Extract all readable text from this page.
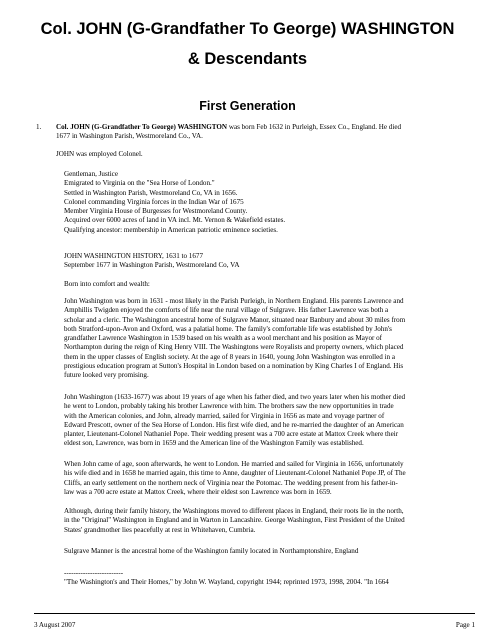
Col. JOHN (G-Grandfather To George) WASHINGTON
& Descendants
First Generation
1. Col. JOHN (G-Grandfather To George) WASHINGTON was born Feb 1632 in Purleigh, Essex Co., England. He died
1677 in Washington Parish, Westmoreland Co., VA.
JOHN was employed Colonel.
Gentleman, Justice
Emigrated to Virginia on the "Sea Horse of London."
Settled in Washington Parish, Westmoreland Co, VA in 1656.
Colonel commanding Virginia forces in the Indian War of 1675
Member Virginia House of Burgesses for Westmoreland County.
Acquired over 6000 acres of land in VA incl. Mt. Vernon & Wakefield estates.
Qualifying ancestor: membership in American patriotic eminence societies.
JOHN WASHINGTON HISTORY, 1631 to 1677
September 1677 in Washington Parish, Westmoreland Co, VA
Born into comfort and wealth:
John Washington was born in 1631 - most likely in the Parish Purleigh, in Northern England. His parents Lawrence and
Amphillis Twigden enjoyed the comforts of life near the rural village of Sulgrave. His father Lawrence was both a
scholar and a cleric. The Washington ancestral home of Sulgrave Manor, situated near Banbury and about 30 miles from
both Stratford-upon-Avon and Oxford, was a palatial home. The family's comfortable life was established by John's
grandfather Lawrence Washington in 1539 based on his wealth as a wool merchant and his position as Mayor of
Northampton during the reign of King Henry VIII. The Washingtons were Royalists and property owners, which placed
them in the upper classes of English society. At the age of 8 years in 1640, young John Washington was enrolled in a
prestigious education program at Sutton's Hospital in London based on a nomination by King Charles I of England. His
future looked very promising.
John Washington (1633-1677) was about 19 years of age when his father died, and two years later when his mother died
he went to London, probably taking his brother Lawrence with him. The brothers saw the new opportunities in trade
with the American colonies, and John, already married, sailed for Virginia in 1656 as mate and voyage partner of
Edward Prescott, owner of the Sea Horse of London. His first wife died, and he re-married the daughter of an American
planter, Lieutenant-Colonel Nathaniel Pope. Their wedding present was a 700 acre estate at Mattox Creek where their
eldest son, Lawrence, was born in 1659 and the American line of the Washington Family was established.
When John came of age, soon afterwards, he went to London. He married and sailed for Virginia in 1656, unfortunately
his wife died and in 1658 he married again, this time to Anne, daughter of Lieutenant-Colonel Nathaniel Pope JP, of The
Cliffs, an early settlement on the northern neck of Virginia near the Potomac. The wedding present from his father-in-
law was a 700 acre estate at Mattox Creek, where their eldest son Lawrence was born in 1659.
Although, during their family history, the Washingtons moved to different places in England, their roots lie in the north,
in the "Original" Washington in England and in Warton in Lancashire. George Washington, First President of the United
States' grandmother lies peacefully at rest in Whitehaven, Cumbria.
Sulgrave Manner is the ancestral home of the Washington family located in Northamptonshire, England
-------------------------
"The Washington's and Their Homes," by John W. Wayland, copyright 1944; reprinted 1973, 1998, 2004. "In 1664
3 August 2007	Page 1
